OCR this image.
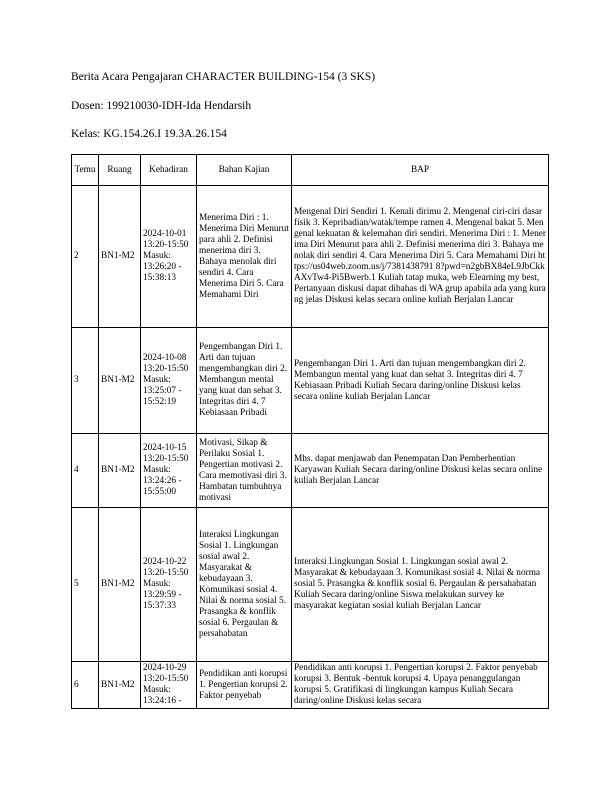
Berita Acara Pengajaran CHARACTER BUILDING-154 (3 SKS)
Dosen: 199210030-IDH-Ida Hendarsih
Kelas: KG.154.26.I 19.3A.26.154
Temu	Ruang	Kehadiran	Bahan Kajian	BAP
2	BN1-M2	2024-10-01 13:20-15:50 Masuk: 13:26:20 - 15:38:13	Menerima Diri : 1. Menerima Diri Menurut para ahli 2. Definisi menerima diri 3. Bahaya menolak diri sendiri 4. Cara Menerima Diri 5. Cara Memahami Diri	Mengenal Diri Sendiri 1. Kenali dirimu 2. Mengenal ciri-ciri dasar fisik 3. Kepribadian/watak/tempe ramen 4. Mengenal bakat 5. Mengenal kekuatan & kelemahan diri sendiri. Menerima Diri : 1. Menerima Diri Menurut para ahli 2. Definisi menerima diri 3. Bahaya menolak diri sendiri 4. Cara Menerima Diri 5. Cara Memahami Diri https://us04web.zoom.us/j/7381438791 8?pwd=n2gbBX84eL9JbCkkAXvTw4-Pi5Bwerb.1 Kuliah tatap muka, web Elearning my best, Pertanyaan diskusi dapat dibahas di WA grup apabila ada yang kurang jelas Diskusi kelas secara online kuliah Berjalan Lancar
3	BN1-M2	2024-10-08 13:20-15:50 Masuk: 13:25:07 - 15:52:19	Pengembangan Diri 1. Arti dan tujuan mengembangkan diri 2. Membangun mental yang kuat dan sehat 3. Integritas diri 4. 7 Kebiasaan Pribadi	Pengembangan Diri 1. Arti dan tujuan mengembangkan diri 2. Membangun mental yang kuat dan sehat 3. Integritas diri 4. 7 Kebiasaan Pribadi Kuliah Secara daring/online Diskusi kelas secara online kuliah Berjalan Lancar
4	BN1-M2	2024-10-15 13:20-15:50 Masuk: 13:24:26 - 15:55:00	Motivasi, Sikap & Perilaku Sosial 1. Pengertian motivasi 2. Cara memotivasi diri 3. Hambatan tumbuhnya motivasi	Mhs. dapat menjawab dan Penempatan Dan Pemberhentian Karyawan Kuliah Secara daring/online Diskusi kelas secara online kuliah Berjalan Lancar
5	BN1-M2	2024-10-22 13:20-15:50 Masuk: 13:29:59 - 15:37:33	Interaksi Lingkungan Sosial 1. Lingkungan sosial awal 2. Masyarakat & kebudayaan 3. Komunikasi sosial 4. Nilai & norma sosial 5. Prasangka & konflik sosial 6. Pergaulan & persahabatan	Interaksi Lingkungan Sosial 1. Lingkungan sosial awal 2. Masyarakat & kebudayaan 3. Komunikasi sosial 4. Nilai & norma sosial 5. Prasangka & konflik sosial 6. Pergaulan & persahabatan Kuliah Secara daring/online Siswa melakukan survey ke masyarakat kegiatan sosial kuliah Berjalan Lancar
6	BN1-M2	2024-10-29 13:20-15:50 Masuk: 13:24:16 -	Pendidikan anti korupsi 1. Pengertian korupsi 2. Faktor penyebab	Pendidikan anti korupsi 1. Pengertian korupsi 2. Faktor penyebab korupsi 3. Bentuk -bentuk korupsi 4. Upaya penanggulangan korupsi 5. Gratifikasi di lingkungan kampus Kuliah Secara daring/online Diskusi kelas secara
